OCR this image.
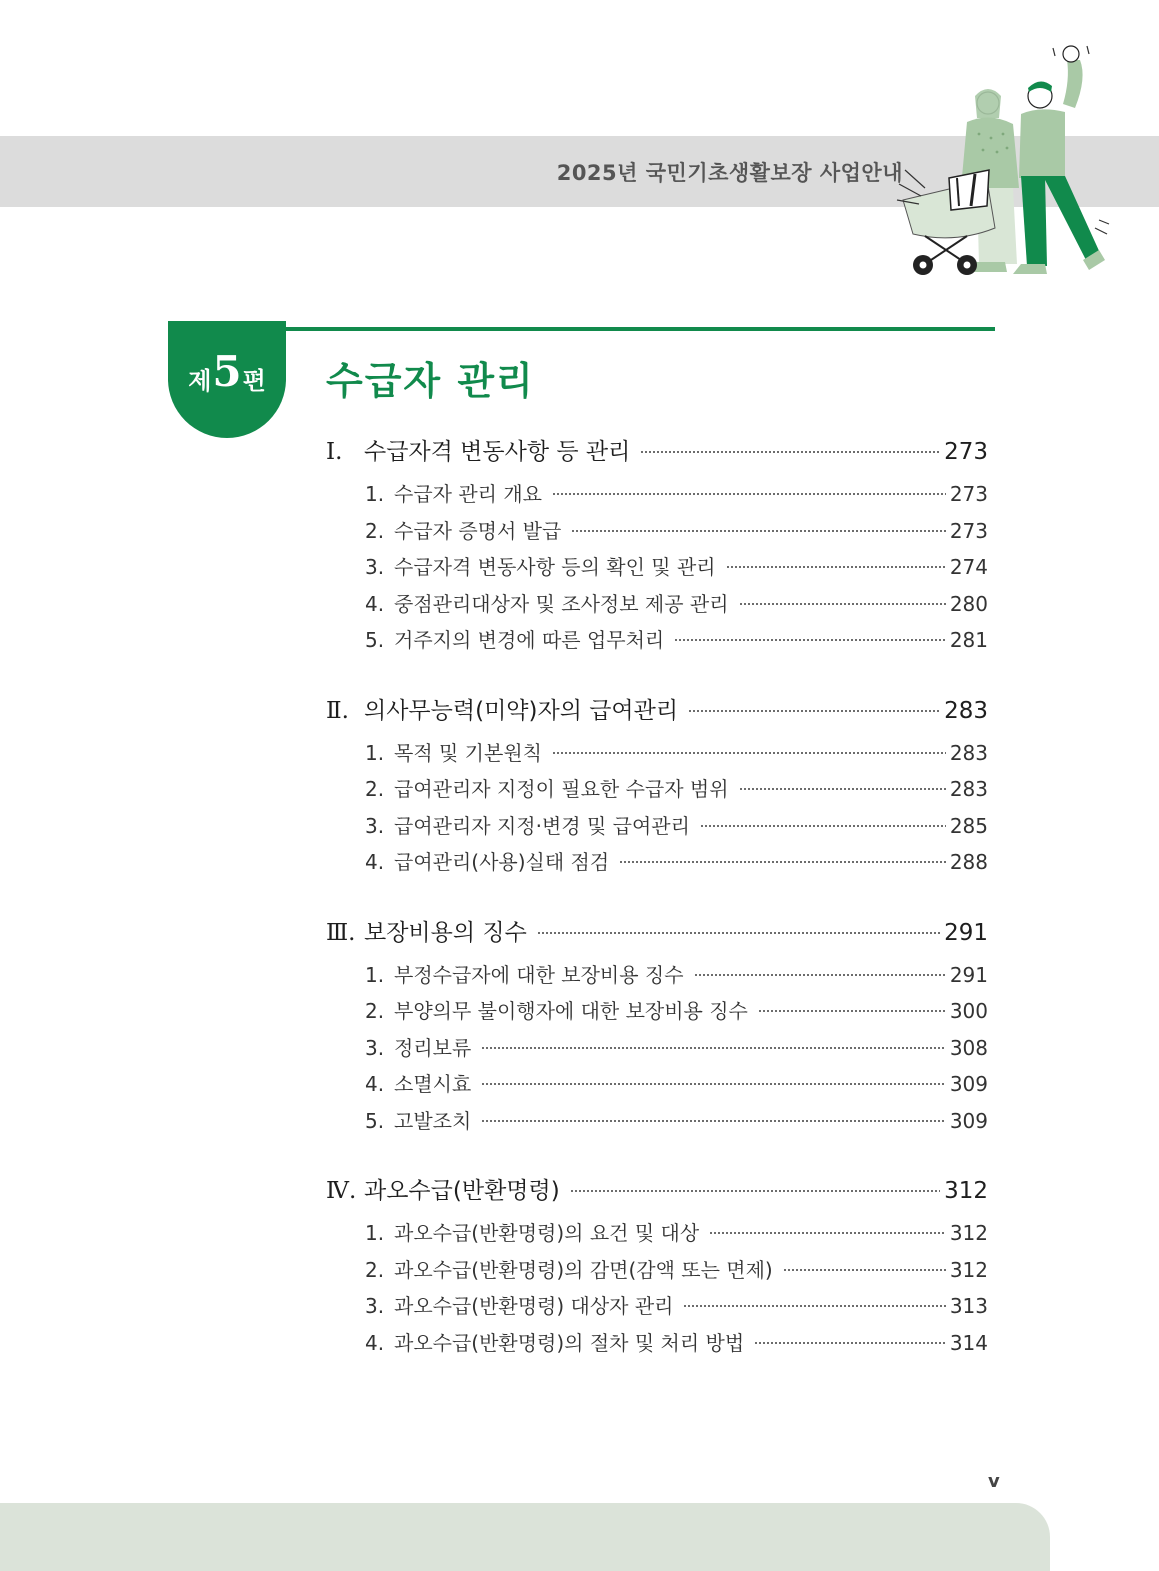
2025년 국민기초생활보장 사업안내
제 5 편 수급자 관리
Ⅰ. 수급자격 변동사항 등 관리	273
1. 수급자 관리 개요	273
2. 수급자 증명서 발급	273
3. 수급자격 변동사항 등의 확인 및 관리	274
4. 중점관리대상자 및 조사정보 제공 관리	280
5. 거주지의 변경에 따른 업무처리	281
Ⅱ. 의사무능력(미약)자의 급여관리	283
1. 목적 및 기본원칙	283
2. 급여관리자 지정이 필요한 수급자 범위	283
3. 급여관리자 지정·변경 및 급여관리	285
4. 급여관리(사용)실태 점검	288
Ⅲ. 보장비용의 징수	291
1. 부정수급자에 대한 보장비용 징수	291
2. 부양의무 불이행자에 대한 보장비용 징수	300
3. 정리보류	308
4. 소멸시효	309
5. 고발조치	309
Ⅳ. 과오수급(반환명령)	312
1. 과오수급(반환명령)의 요건 및 대상	312
2. 과오수급(반환명령)의 감면(감액 또는 면제)	312
3. 과오수급(반환명령) 대상자 관리	313
4. 과오수급(반환명령)의 절차 및 처리 방법	314
v
